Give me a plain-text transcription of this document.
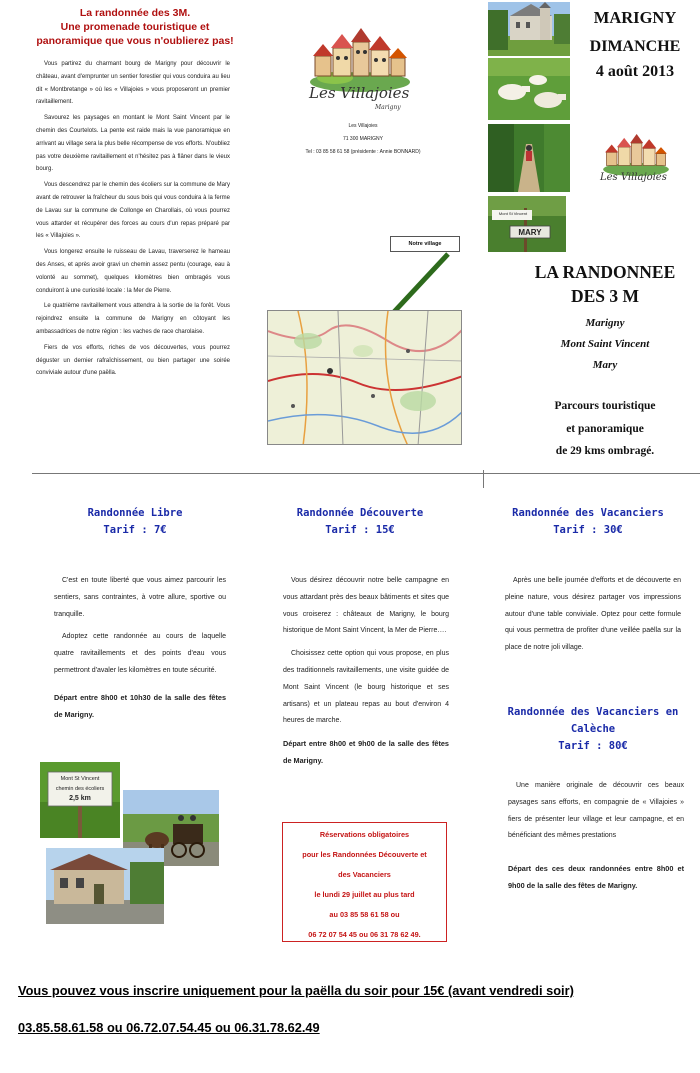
La randonnée des 3M.
Une promenade touristique et
panoramique que vous n'oublierez pas!

Vous partirez du charmant bourg de Marigny pour découvrir le château, avant d'emprunter un sentier forestier qui vous conduira au lieu dit « Montbretange » où les « Villajoies » vous proposeront un premier ravitaillement.

Savourez les paysages en montant le Mont Saint Vincent par le chemin des Courtelots. La pente est raide mais la vue panoramique en arrivant au village sera la plus belle récompense de vos efforts. N'oubliez pas votre deuxième ravitaillement et n'hésitez pas à flâner dans le vieux bourg.

Vous descendrez par le chemin des écoliers sur la commune de Mary avant de retrouver la fraîcheur du sous bois qui vous conduira à la ferme de Lavau sur la commune de Collonge en Charollais, où vous pourrez vous attarder et récupérer des forces au cours d'un repas préparé par les « Villajoies ».

Vous longerez ensuite le ruisseau de Lavau, traverserez le hameau des Anses, et après avoir gravi un chemin assez pentu (courage, eau à volonté au sommet), quelques kilomètres bien ombragés vous conduiront à une curiosité locale : la Mer de Pierre.

Le quatrième ravitaillement vous attendra à la sortie de la forêt. Vous rejoindrez ensuite la commune de Marigny en côtoyant les ambassadrices de notre région : les vaches de race charolaise.

Fiers de vos efforts, riches de vos découvertes, vous pourrez déguster un dernier rafraîchissement, ou bien partager une soirée conviviale autour d'une paëlla.

Les Villajoies
Marigny
Les Villajoies
71 300 MARIGNY
Tel : 03 85 58 61 58 (présidente : Annie BONNARD)
Notre village
Mont St Vincent
MARY
Les Villajoies
MARIGNY
DIMANCHE
4 août 2013
LA RANDONNEE
DES 3 M
Marigny
Mont Saint Vincent
Mary
Parcours touristique
et panoramique
de 29 kms ombragé.
Randonnée Libre
Tarif : 7€

C'est en toute liberté que vous aimez parcourir les sentiers, sans contraintes, à votre allure, sportive ou tranquille.

Adoptez cette randonnée au cours de laquelle quatre ravitaillements et des points d'eau vous permettront d'avaler les kilomètres en toute sécurité.

Départ entre 8h00 et 10h30 de la salle des fêtes de Marigny.

Mont St Vincent
chemin des écoliers
2,5 km
Randonnée Découverte
Tarif : 15€

Vous désirez découvrir notre belle campagne en vous attardant près des beaux bâtiments et sites que vous croiserez : châteaux de Marigny, le bourg historique de Mont Saint Vincent, la Mer de Pierre….

Choisissez cette option qui vous propose, en plus des traditionnels ravitaillements, une visite guidée de Mont Saint Vincent (le bourg historique et ses artisans) et un plateau repas au bout d'environ 4 heures de marche.

Départ entre 8h00 et 9h00 de la salle des fêtes de Marigny.

Réservations obligatoires
pour les Randonnées Découverte et
des Vacanciers
le lundi 29 juillet au plus tard
au 03 85 58 61 58 ou
06 72 07 54 45 ou 06 31 78 62 49.
Randonnée des Vacanciers
Tarif : 30€

Après une belle journée d'efforts et de découverte en pleine nature, vous désirez partager vos impressions autour d'une table conviviale. Optez pour cette formule qui vous permettra de profiter d'une veillée paëlla sur la place de notre joli village.

Randonnée des Vacanciers en
Calèche
Tarif : 80€

Une manière originale de découvrir ces beaux paysages sans efforts, en compagnie de « Villajoies » fiers de présenter leur village et leur campagne, et en bénéficiant des mêmes prestations

Départ des ces deux randonnées entre 8h00 et 9h00 de la salle des fêtes de Marigny.

Vous pouvez vous inscrire uniquement pour la paëlla du soir pour 15€ (avant vendredi soir)
03.85.58.61.58 ou 06.72.07.54.45 ou 06.31.78.62.49
